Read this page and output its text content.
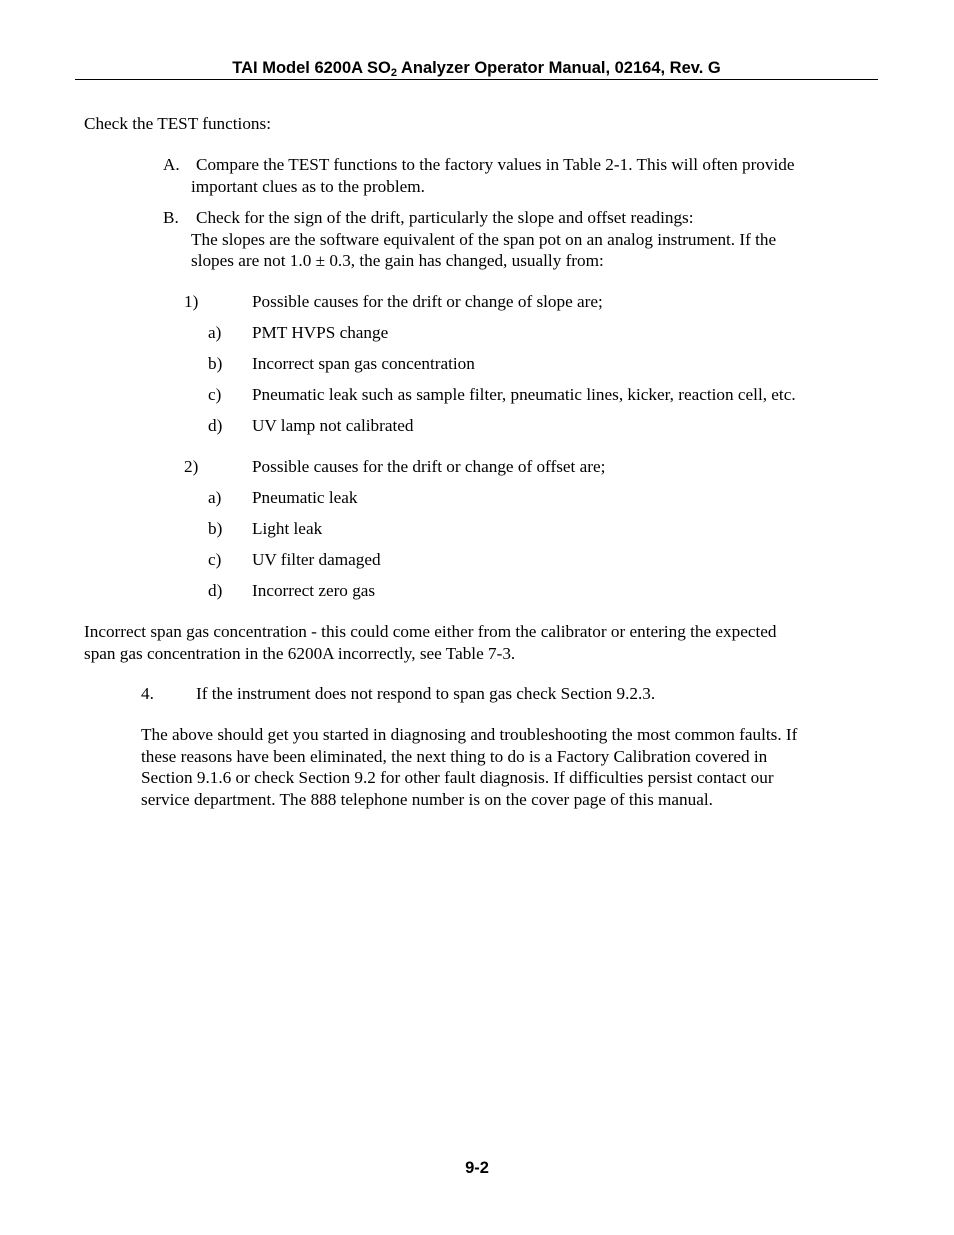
TAI Model 6200A $SO_2$ Analyzer Operator Manual, 02164, Rev. G
Check the TEST functions:
A. Compare the TEST functions to the factory values in Table 2-1. This will often provide
important clues as to the problem.
B. Check for the sign of the drift, particularly the slope and offset readings:
The slopes are the software equivalent of the span pot on an analog instrument. If the
slopes are not 1.0 ± 0.3, the gain has changed, usually from:
1)	Possible causes for the drift or change of slope are;
a) PMT HVPS change
b) Incorrect span gas concentration
c) Pneumatic leak such as sample filter, pneumatic lines, kicker, reaction cell, etc.
d) UV lamp not calibrated
2)	Possible causes for the drift or change of offset are;
a) Pneumatic leak
b) Light leak
c) UV filter damaged
d) Incorrect zero gas
Incorrect span gas concentration - this could come either from the calibrator or entering the expected
span gas concentration in the 6200A incorrectly, see Table 7-3.
4. If the instrument does not respond to span gas check Section 9.2.3.
The above should get you started in diagnosing and troubleshooting the most common faults. If
these reasons have been eliminated, the next thing to do is a Factory Calibration covered in
Section 9.1.6 or check Section 9.2 for other fault diagnosis. If difficulties persist contact our
service department. The 888 telephone number is on the cover page of this manual.
9-2
